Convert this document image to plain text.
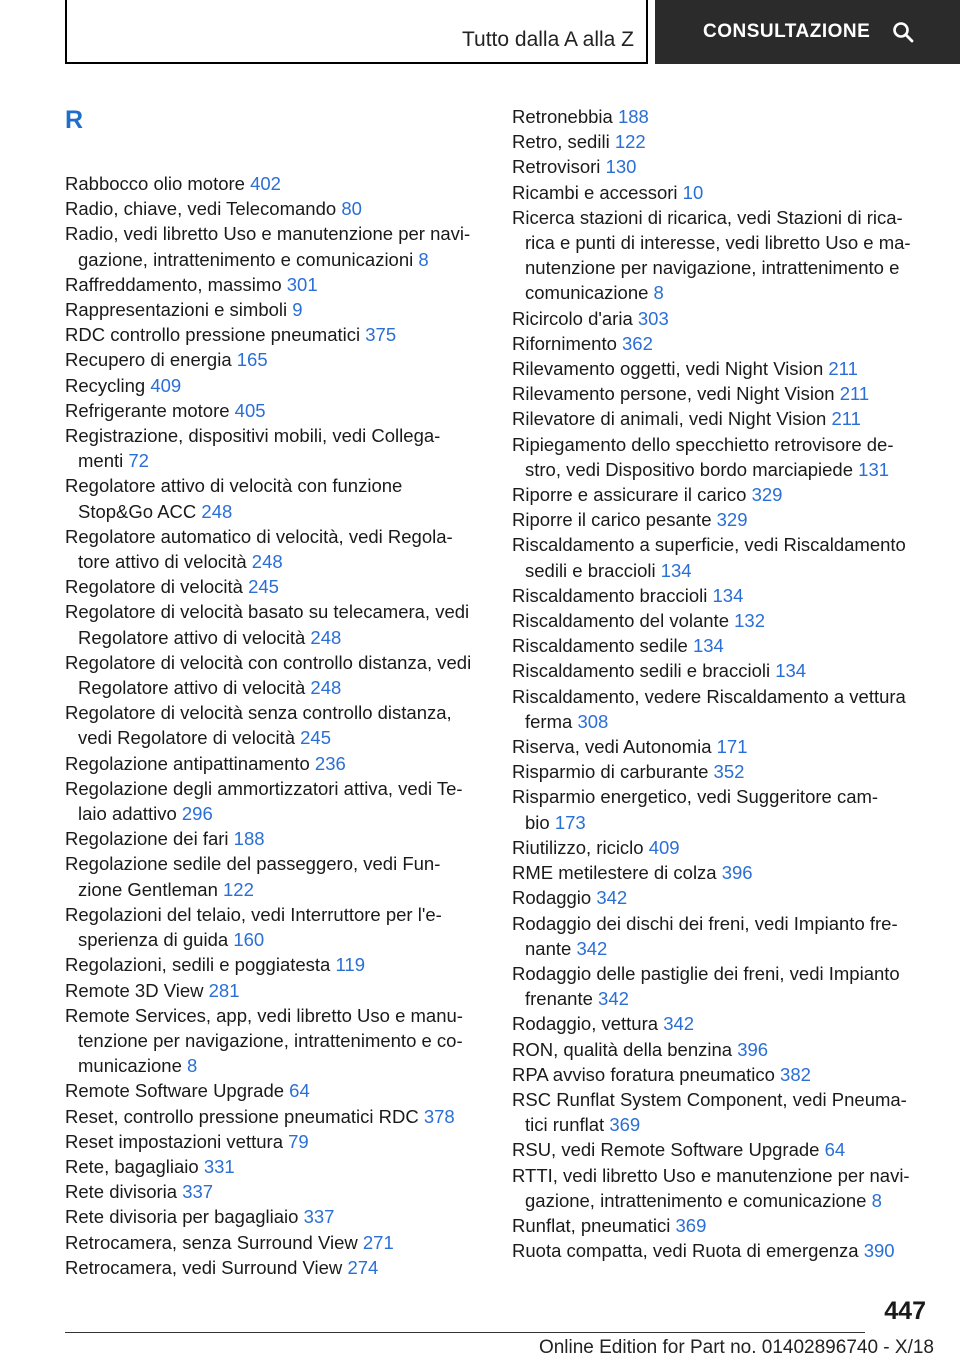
Tutto dalla A alla Z	CONSULTAZIONE
R
Rabbocco olio motore 402
Radio, chiave, vedi Telecomando 80
Radio, vedi libretto Uso e manutenzione per navi-
gazione, intrattenimento e comunicazioni 8
Raffreddamento, massimo 301
Rappresentazioni e simboli 9
RDC controllo pressione pneumatici 375
Recupero di energia 165
Recycling 409
Refrigerante motore 405
Registrazione, dispositivi mobili, vedi Collega-
menti 72
Regolatore attivo di velocità con funzione
Stop&Go ACC 248
Regolatore automatico di velocità, vedi Regola-
tore attivo di velocità 248
Regolatore di velocità 245
Regolatore di velocità basato su telecamera, vedi
Regolatore attivo di velocità 248
Regolatore di velocità con controllo distanza, vedi
Regolatore attivo di velocità 248
Regolatore di velocità senza controllo distanza,
vedi Regolatore di velocità 245
Regolazione antipattinamento 236
Regolazione degli ammortizzatori attiva, vedi Te-
laio adattivo 296
Regolazione dei fari 188
Regolazione sedile del passeggero, vedi Fun-
zione Gentleman 122
Regolazioni del telaio, vedi Interruttore per l'e-
sperienza di guida 160
Regolazioni, sedili e poggiatesta 119
Remote 3D View 281
Remote Services, app, vedi libretto Uso e manu-
tenzione per navigazione, intrattenimento e co-
municazione 8
Remote Software Upgrade 64
Reset, controllo pressione pneumatici RDC 378
Reset impostazioni vettura 79
Rete, bagagliaio 331
Rete divisoria 337
Rete divisoria per bagagliaio 337
Retrocamera, senza Surround View 271
Retrocamera, vedi Surround View 274
Retronebbia 188
Retro, sedili 122
Retrovisori 130
Ricambi e accessori 10
Ricerca stazioni di ricarica, vedi Stazioni di rica-
rica e punti di interesse, vedi libretto Uso e ma-
nutenzione per navigazione, intrattenimento e
comunicazione 8
Ricircolo d'aria 303
Rifornimento 362
Rilevamento oggetti, vedi Night Vision 211
Rilevamento persone, vedi Night Vision 211
Rilevatore di animali, vedi Night Vision 211
Ripiegamento dello specchietto retrovisore de-
stro, vedi Dispositivo bordo marciapiede 131
Riporre e assicurare il carico 329
Riporre il carico pesante 329
Riscaldamento a superficie, vedi Riscaldamento
sedili e braccioli 134
Riscaldamento braccioli 134
Riscaldamento del volante 132
Riscaldamento sedile 134
Riscaldamento sedili e braccioli 134
Riscaldamento, vedere Riscaldamento a vettura
ferma 308
Riserva, vedi Autonomia 171
Risparmio di carburante 352
Risparmio energetico, vedi Suggeritore cam-
bio 173
Riutilizzo, riciclo 409
RME metilestere di colza 396
Rodaggio 342
Rodaggio dei dischi dei freni, vedi Impianto fre-
nante 342
Rodaggio delle pastiglie dei freni, vedi Impianto
frenante 342
Rodaggio, vettura 342
RON, qualità della benzina 396
RPA avviso foratura pneumatico 382
RSC Runflat System Component, vedi Pneuma-
tici runflat 369
RSU, vedi Remote Software Upgrade 64
RTTI, vedi libretto Uso e manutenzione per navi-
gazione, intrattenimento e comunicazione 8
Runflat, pneumatici 369
Ruota compatta, vedi Ruota di emergenza 390
447
Online Edition for Part no. 01402896740 - X/18
